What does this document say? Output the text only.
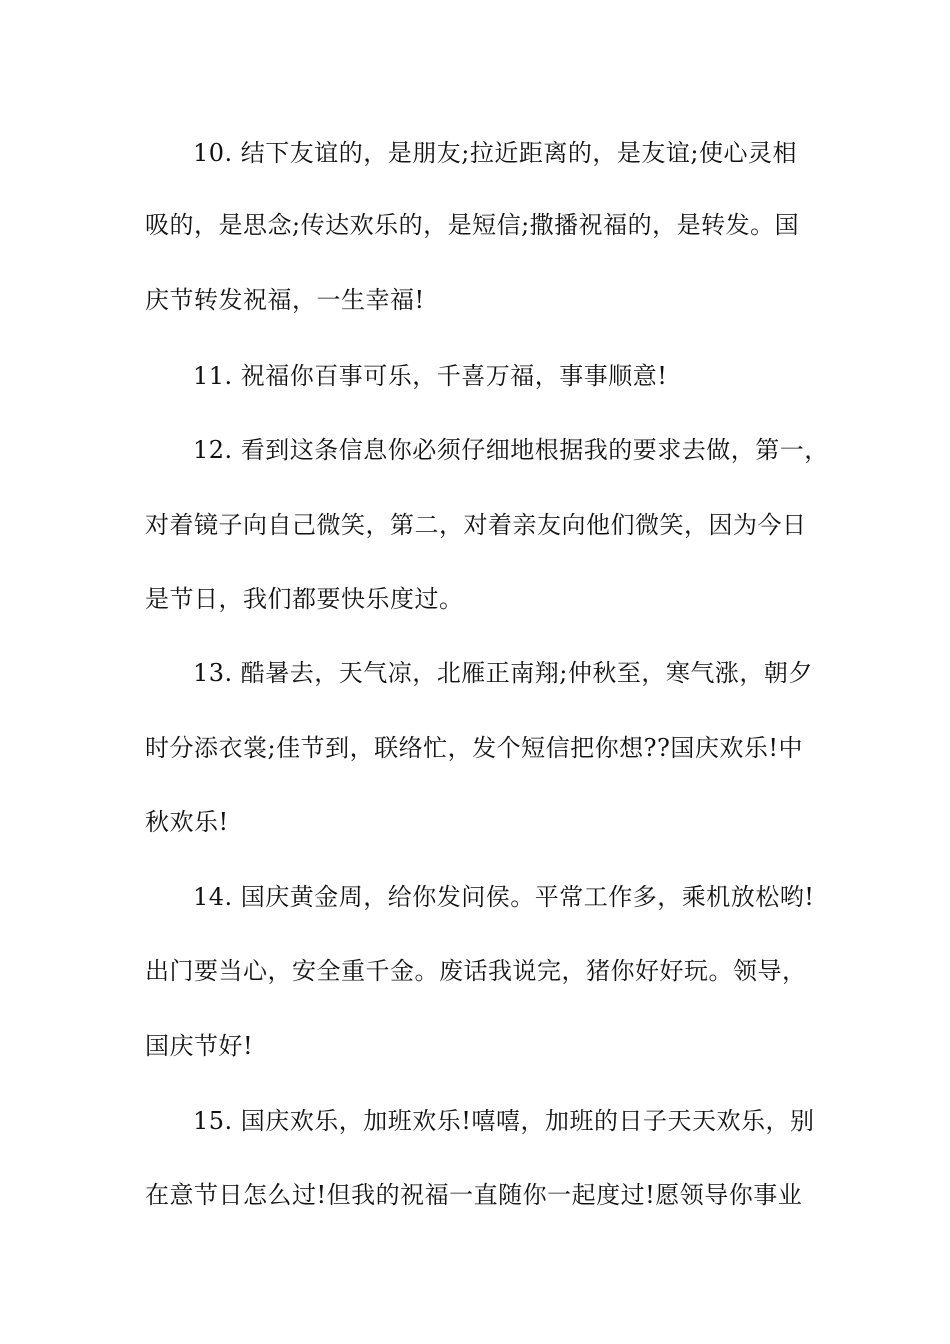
10. 结下友谊的，是朋友;拉近距离的，是友谊;使心灵相
吸的，是思念;传达欢乐的，是短信;撒播祝福的，是转发。国
庆节转发祝福，一生幸福!
11. 祝福你百事可乐，千喜万福，事事顺意!
12. 看到这条信息你必须仔细地根据我的要求去做，第一，
对着镜子向自己微笑，第二，对着亲友向他们微笑，因为今日
是节日，我们都要快乐度过。
13. 酷暑去，天气凉，北雁正南翔;仲秋至，寒气涨，朝夕
时分添衣裳;佳节到，联络忙，发个短信把你想??国庆欢乐!中
秋欢乐!
14. 国庆黄金周，给你发问侯。平常工作多，乘机放松哟!
出门要当心，安全重千金。废话我说完，猪你好好玩。领导，
国庆节好!
15. 国庆欢乐，加班欢乐!嘻嘻，加班的日子天天欢乐，别
在意节日怎么过!但我的祝福一直随你一起度过!愿领导你事业
